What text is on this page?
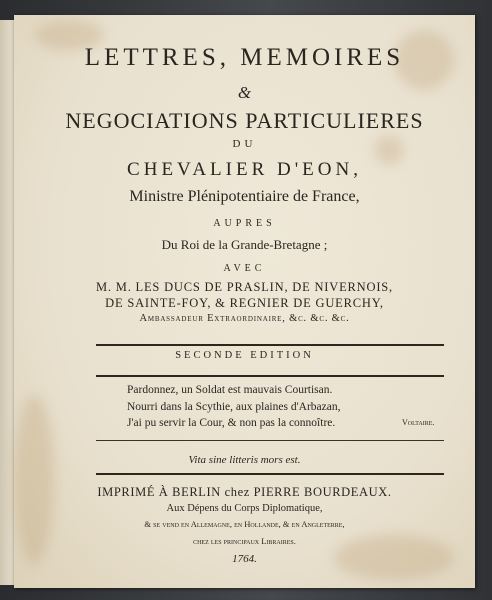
LETTRES, MEMOIRES
&
NEGOCIATIONS PARTICULIERES
DU
CHEVALIER D'EON,
Ministre Plénipotentiaire de France,
AUPRES
Du Roi de la Grande-Bretagne ;
AVEC
M. M. LES DUCS DE PRASLIN, DE NIVERNOIS,
DE SAINTE-FOY, & REGNIER DE GUERCHY,
Ambassadeur Extraordinaire, &c. &c. &c.
SECONDE EDITION
Pardonnez, un Soldat est mauvais Courtisan.
Nourri dans la Scythie, aux plaines d'Arbazan,
J'ai pu servir la Cour, & non pas la connoître.	Voltaire.
Vita sine litteris mors est.
IMPRIMÉ À BERLIN chez PIERRE BOURDEAUX.
Aux Dépens du Corps Diplomatique,
& se vend en Allemagne, en Hollande, & en Angleterre,
chez les principaux Libraires.
1764.
